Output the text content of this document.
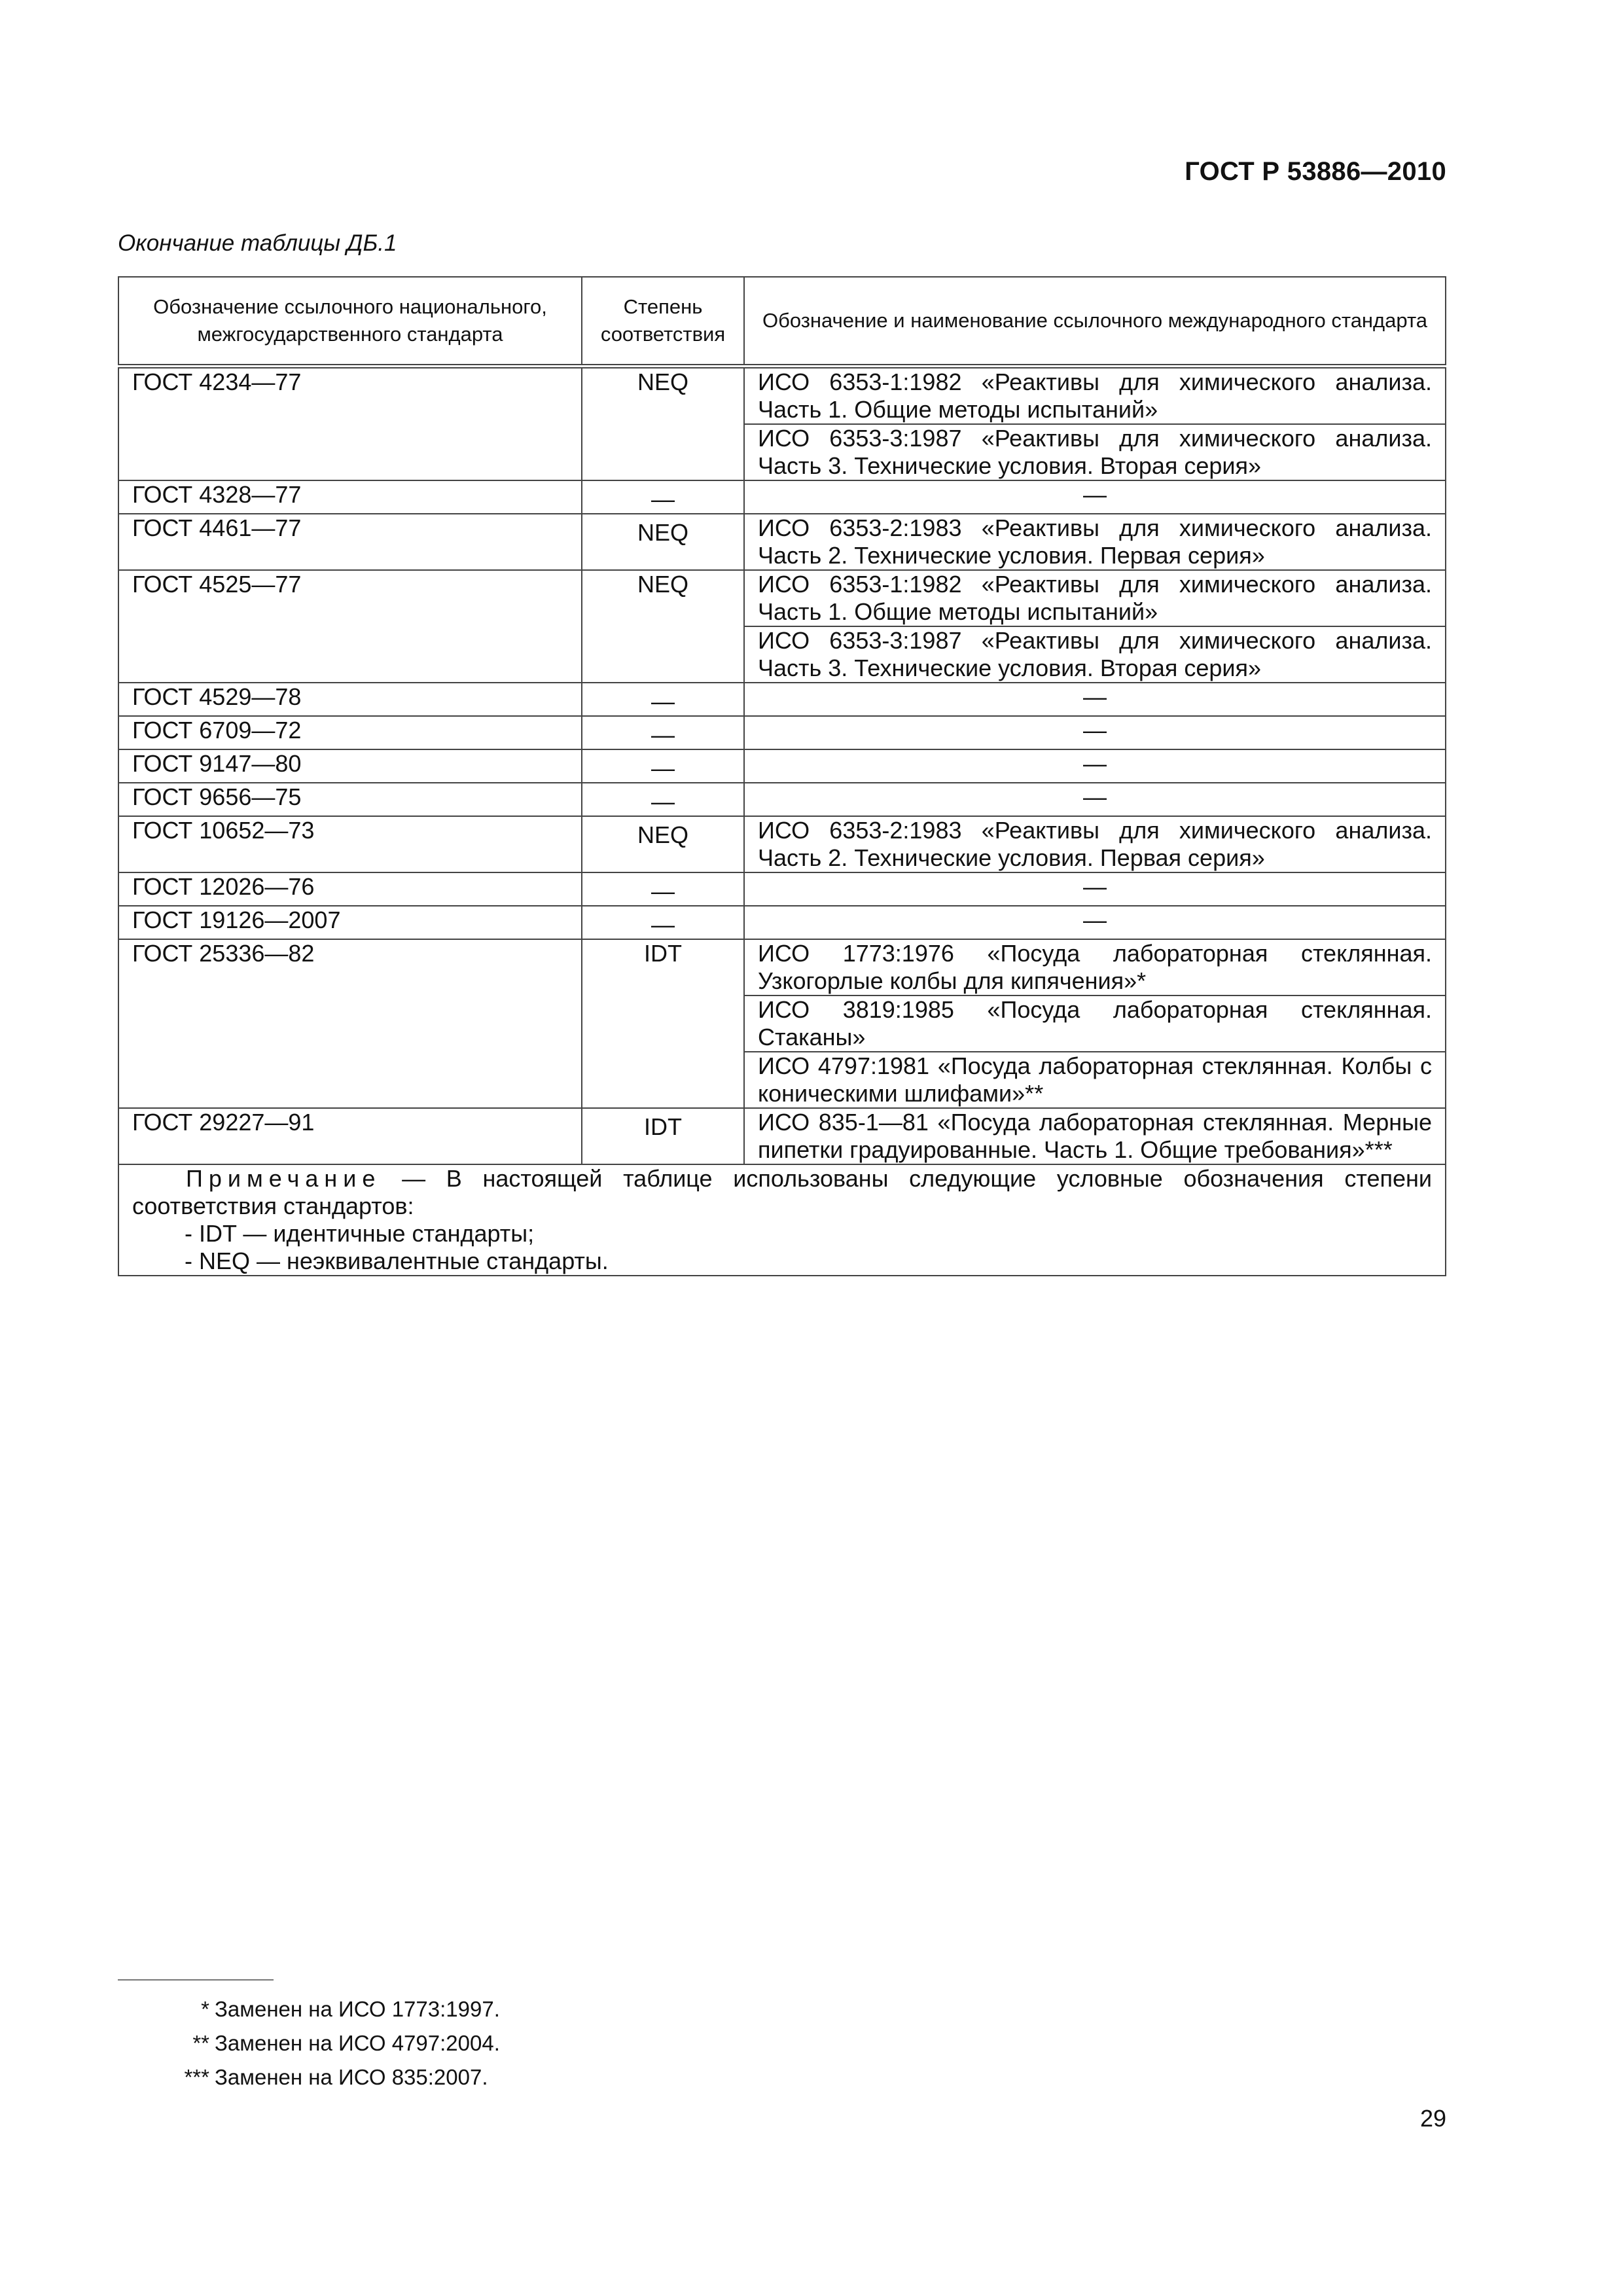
ГОСТ Р 53886—2010
Окончание таблицы ДБ.1
Обозначение ссылочного национального, межгосударственного стандарта	Степень соответствия	Обозначение и наименование ссылочного международного стандарта
ГОСТ 4234—77	NEQ	ИСО 6353-1:1982 «Реактивы для химического анализа. Часть 1. Общие методы испытаний»
		ИСО 6353-3:1987 «Реактивы для химического анализа. Часть 3. Технические условия. Вторая серия»
ГОСТ 4328—77	—	—
ГОСТ 4461—77	NEQ	ИСО 6353-2:1983 «Реактивы для химического анализа. Часть 2. Технические условия. Первая серия»
ГОСТ 4525—77	NEQ	ИСО 6353-1:1982 «Реактивы для химического анализа. Часть 1. Общие методы испытаний»
		ИСО 6353-3:1987 «Реактивы для химического анализа. Часть 3. Технические условия. Вторая серия»
ГОСТ 4529—78	—	—
ГОСТ 6709—72	—	—
ГОСТ 9147—80	—	—
ГОСТ 9656—75	—	—
ГОСТ 10652—73	NEQ	ИСО 6353-2:1983 «Реактивы для химического анализа. Часть 2. Технические условия. Первая серия»
ГОСТ 12026—76	—	—
ГОСТ 19126—2007	—	—
ГОСТ 25336—82	IDT	ИСО 1773:1976 «Посуда лабораторная стеклянная. Узкогорлые колбы для кипячения»*
		ИСО 3819:1985 «Посуда лабораторная стеклянная. Стаканы»
		ИСО 4797:1981 «Посуда лабораторная стеклянная. Колбы с коническими шлифами»**
ГОСТ 29227—91	IDT	ИСО 835-1—81 «Посуда лабораторная стеклянная. Мерные пипетки градуированные. Часть 1. Общие требования»***

Примечание — В настоящей таблице использованы следующие условные обозначения степени соответствия стандартов:
- IDT — идентичные стандарты;
- NEQ — неэквивалентные стандарты.		
* Заменен на ИСО 1773:1997.
** Заменен на ИСО 4797:2004.
*** Заменен на ИСО 835:2007.
29
